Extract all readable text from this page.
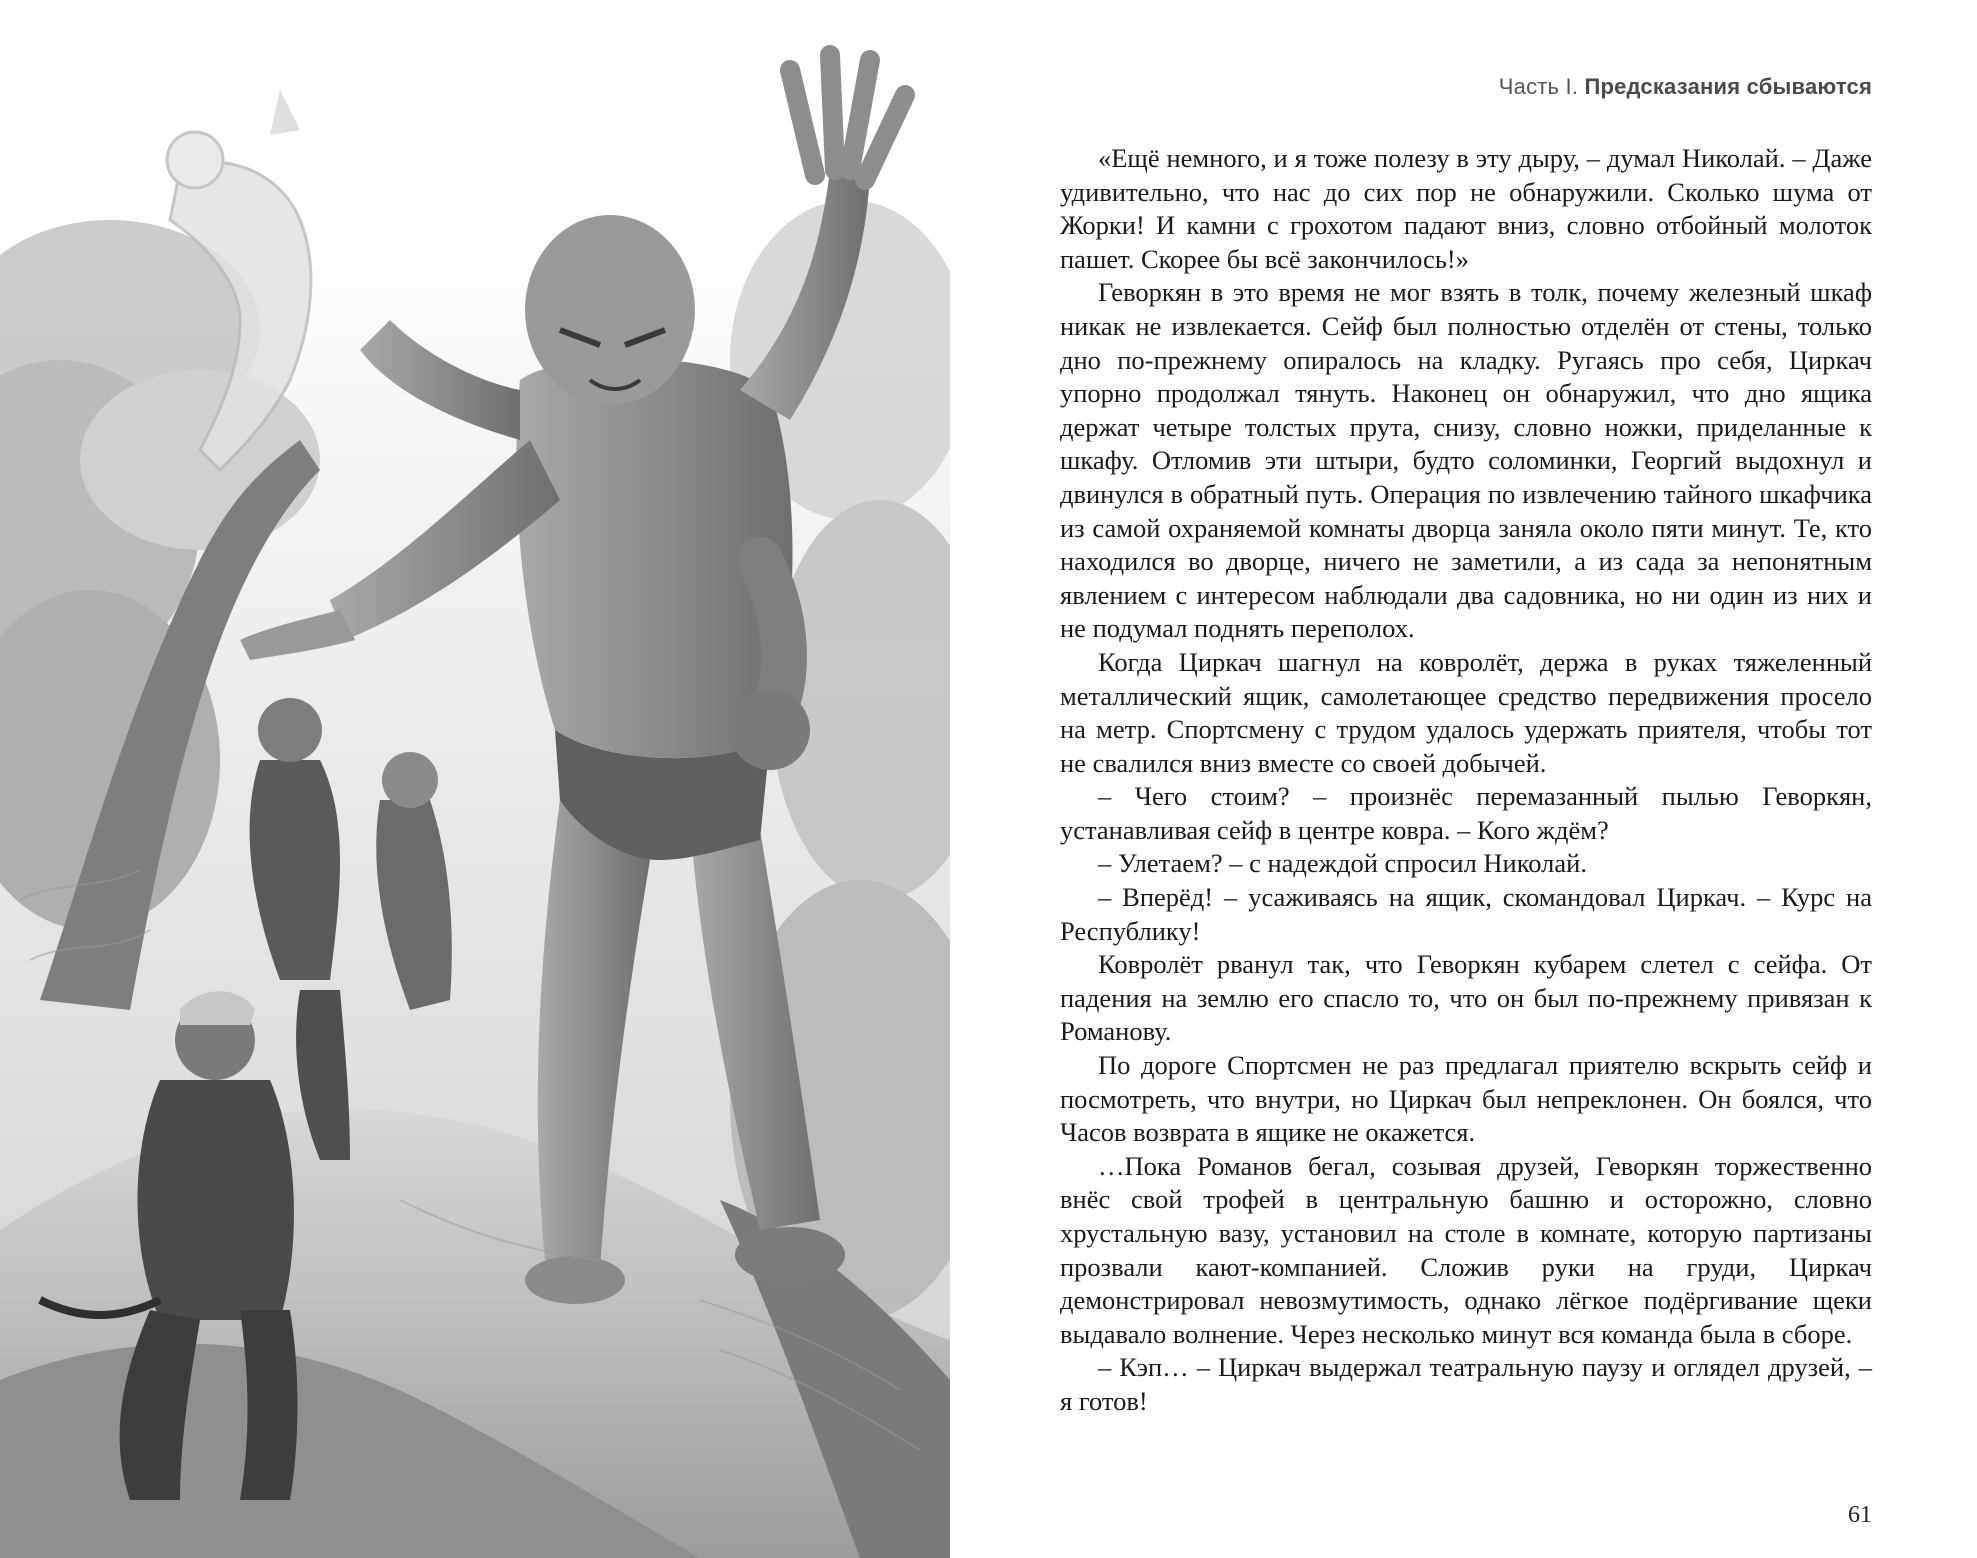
Часть I. Предсказания сбываются

«Ещё немного, и я тоже полезу в эту дыру, – думал Николай. – Даже удивительно, что нас до сих пор не обнаружили. Сколько шума от Жорки! И камни с грохотом падают вниз, словно отбойный молоток пашет. Скорее бы всё закончилось!»

Геворкян в это время не мог взять в толк, почему железный шкаф никак не извлекается. Сейф был полностью отделён от стены, только дно по-прежнему опиралось на кладку. Ругаясь про себя, Циркач упорно продолжал тянуть. Наконец он обнаружил, что дно ящика держат четыре толстых прута, снизу, словно ножки, приделанные к шкафу. Отломив эти штыри, будто соломинки, Георгий выдохнул и двинулся в обратный путь. Операция по извлечению тайного шкафчика из самой охраняемой комнаты дворца заняла около пяти минут. Те, кто находился во дворце, ничего не заметили, а из сада за непонятным явлением с интересом наблюдали два садовника, но ни один из них и не подумал поднять переполох.

Когда Циркач шагнул на ковролёт, держа в руках тяжеленный металлический ящик, самолетающее средство передвижения просело на метр. Спортсмену с трудом удалось удержать приятеля, чтобы тот не свалился вниз вместе со своей добычей.

– Чего стоим? – произнёс перемазанный пылью Геворкян, устанавливая сейф в центре ковра. – Кого ждём?

– Улетаем? – с надеждой спросил Николай.

– Вперёд! – усаживаясь на ящик, скомандовал Циркач. – Курс на Республику!

Ковролёт рванул так, что Геворкян кубарем слетел с сейфа. От падения на землю его спасло то, что он был по-прежнему привязан к Романову.

По дороге Спортсмен не раз предлагал приятелю вскрыть сейф и посмотреть, что внутри, но Циркач был непреклонен. Он боялся, что Часов возврата в ящике не окажется.

…Пока Романов бегал, созывая друзей, Геворкян торжественно внёс свой трофей в центральную башню и осторожно, словно хрустальную вазу, установил на столе в комнате, которую партизаны прозвали кают-компанией. Сложив руки на груди, Циркач демонстрировал невозмутимость, однако лёгкое подёргивание щеки выдавало волнение. Через несколько минут вся команда была в сборе.

– Кэп… – Циркач выдержал театральную паузу и оглядел друзей, – я готов!

61
